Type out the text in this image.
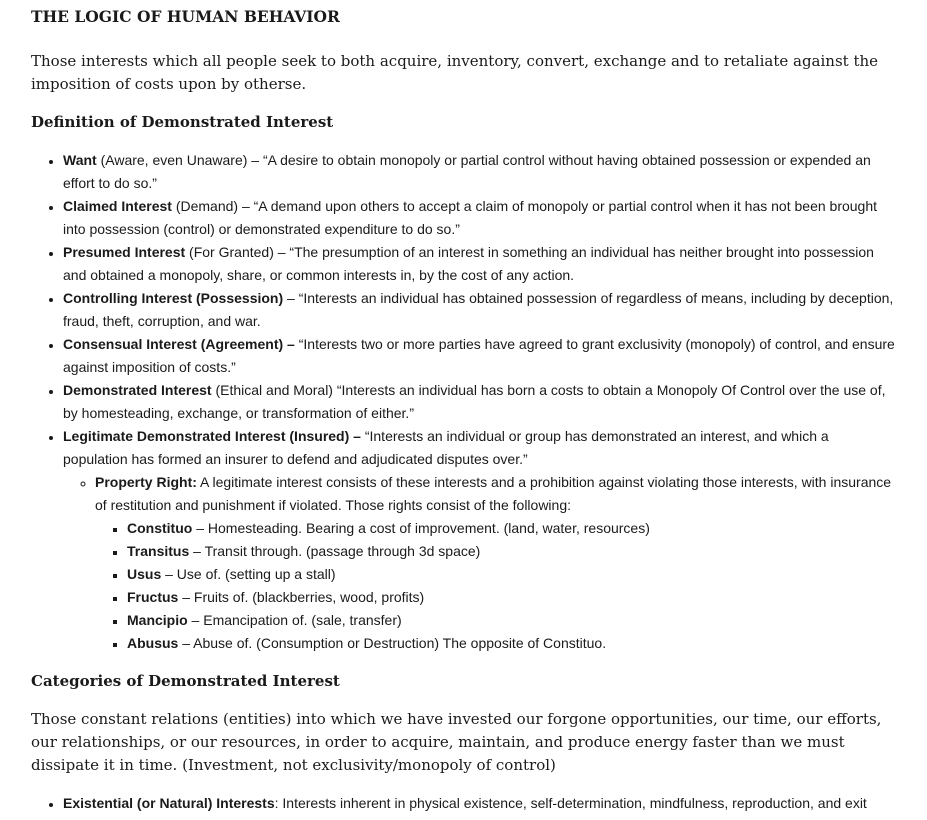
THE LOGIC OF HUMAN BEHAVIOR

Those interests which all people seek to both acquire, inventory, convert, exchange and to retaliate against the imposition of costs upon by otherse.

Definition of Demonstrated Interest
• Want (Aware, even Unaware) – “A desire to obtain monopoly or partial control without having obtained possession or expended an effort to do so.”
• Claimed Interest (Demand) – “A demand upon others to accept a claim of monopoly or partial control when it has not been brought into possession (control) or demonstrated expenditure to do so.”
• Presumed Interest (For Granted) – “The presumption of an interest in something an individual has neither brought into possession and obtained a monopoly, share, or common interests in, by the cost of any action.
• Controlling Interest (Possession) – “Interests an individual has obtained possession of regardless of means, including by deception, fraud, theft, corruption, and war.
• Consensual Interest (Agreement) – “Interests two or more parties have agreed to grant exclusivity (monopoly) of control, and ensure against imposition of costs.”
• Demonstrated Interest (Ethical and Moral) “Interests an individual has born a costs to obtain a Monopoly Of Control over the use of, by homesteading, exchange, or transformation of either.”
• Legitimate Demonstrated Interest (Insured) – “Interests an individual or group has demonstrated an interest, and which a population has formed an insurer to defend and adjudicated disputes over.”
◦ Property Right: A legitimate interest consists of these interests and a prohibition against violating those interests, with insurance of restitution and punishment if violated. Those rights consist of the following:
▪ Constituo – Homesteading. Bearing a cost of improvement. (land, water, resources)
▪ Transitus – Transit through. (passage through 3d space)
▪ Usus – Use of. (setting up a stall)
▪ Fructus – Fruits of. (blackberries, wood, profits)
▪ Mancipio – Emancipation of. (sale, transfer)
▪ Abusus – Abuse of. (Consumption or Destruction) The opposite of Constituo.
Categories of Demonstrated Interest

Those constant relations (entities) into which we have invested our forgone opportunities, our time, our efforts, our relationships, or our resources, in order to acquire, maintain, and produce energy faster than we must dissipate it in time. (Investment, not exclusivity/monopoly of control)

• Existential (or Natural) Interests: Interests inherent in physical existence, self-determination, mindfulness, reproduction, and exit
